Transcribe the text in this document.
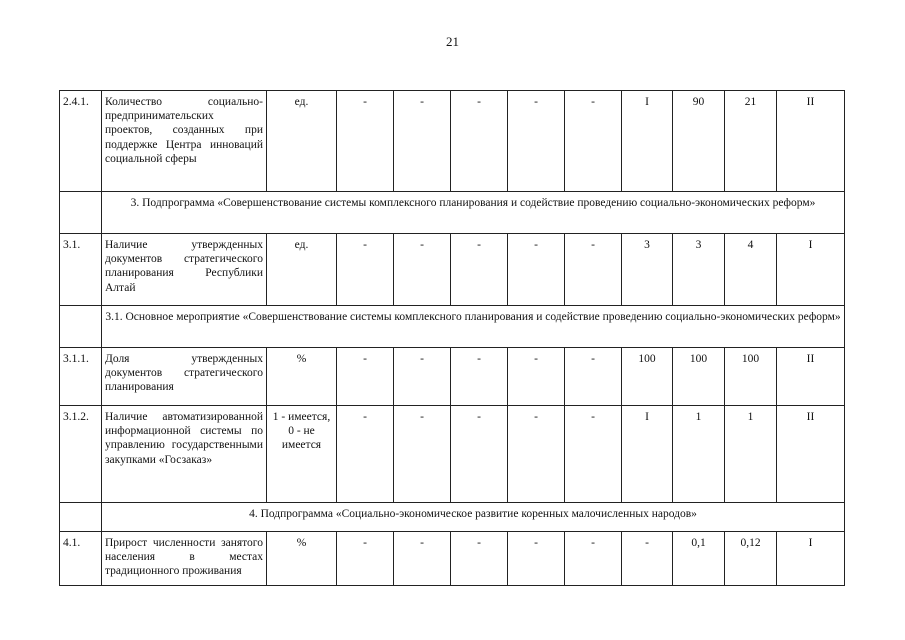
21
2.4.1.	Количество социально-предпринимательских проектов, созданных при поддержке Центра инноваций социальной сферы	ед.	-	-	-	-	-	I	90	21	II
	3. Подпрограмма «Совершенствование системы комплексного планирования и содействие проведению социально-экономических реформ»										
3.1.	Наличие утвержденных документов стратегического планирования Республики Алтай	ед.	-	-	-	-	-	3	3	4	I
	3.1. Основное мероприятие «Совершенствование системы комплексного планирования и содействие проведению социально-экономических реформ»										
3.1.1.	Доля утвержденных документов стратегического планирования	%	-	-	-	-	-	100	100	100	II
3.1.2.	Наличие автоматизированной информационной системы по управлению государственными закупками «Госзаказ»	1 - имеется, 0 - не имеется	-	-	-	-	-	I	1	1	II
	4. Подпрограмма «Социально-экономическое развитие коренных малочисленных народов»										
4.1.	Прирост численности занятого населения в местах традиционного проживания	%	-	-	-	-	-	-	0,1	0,12	I
